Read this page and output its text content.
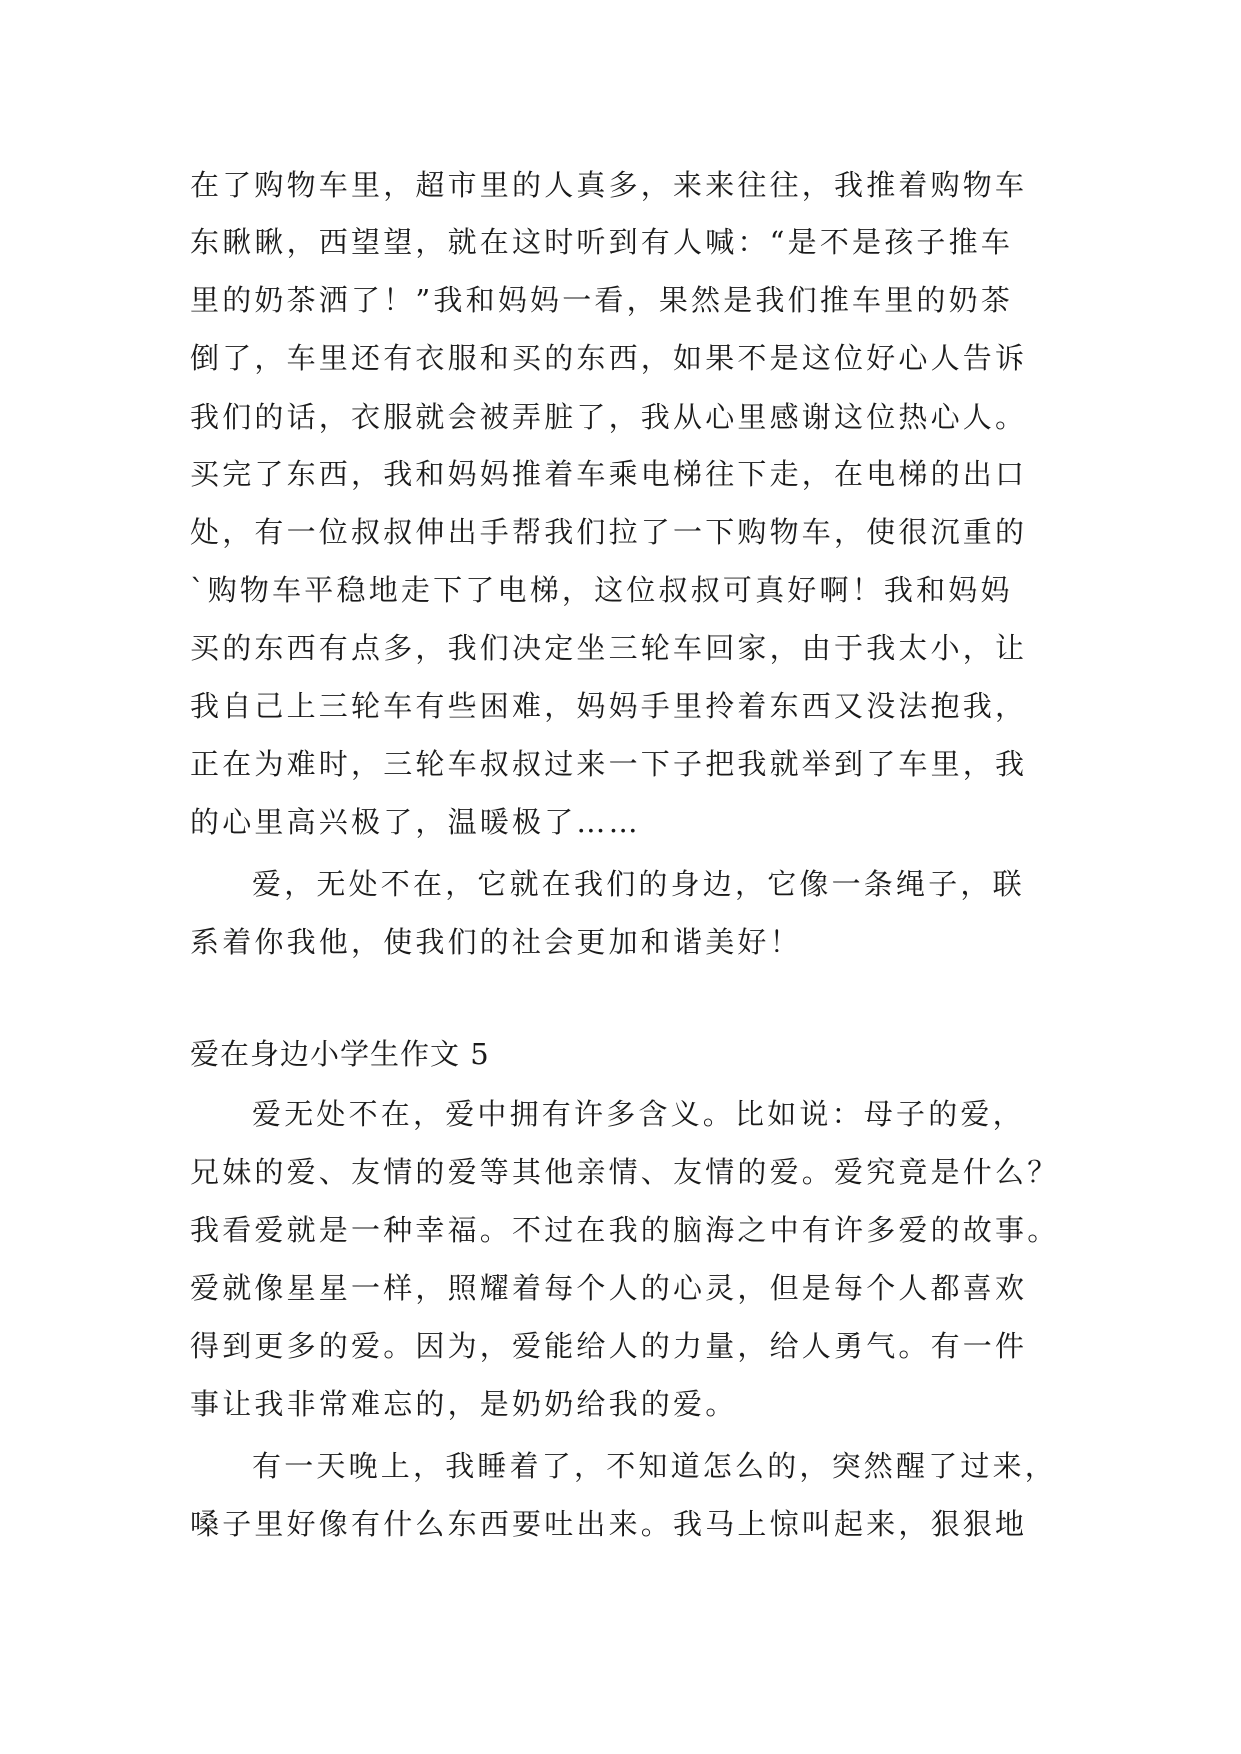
在了购物车里，超市里的人真多，来来往往，我推着购物车
东瞅瞅，西望望，就在这时听到有人喊：“是不是孩子推车
里的奶茶洒了！”我和妈妈一看，果然是我们推车里的奶茶
倒了，车里还有衣服和买的东西，如果不是这位好心人告诉
我们的话，衣服就会被弄脏了，我从心里感谢这位热心人。
买完了东西，我和妈妈推着车乘电梯往下走，在电梯的出口
处，有一位叔叔伸出手帮我们拉了一下购物车，使很沉重的
`购物车平稳地走下了电梯，这位叔叔可真好啊！我和妈妈
买的东西有点多，我们决定坐三轮车回家，由于我太小，让
我自己上三轮车有些困难，妈妈手里拎着东西又没法抱我，
正在为难时，三轮车叔叔过来一下子把我就举到了车里，我
的心里高兴极了，温暖极了……
爱，无处不在，它就在我们的身边，它像一条绳子，联
系着你我他，使我们的社会更加和谐美好！
爱在身边小学生作文 5
爱无处不在，爱中拥有许多含义。比如说：母子的爱，
兄妹的爱、友情的爱等其他亲情、友情的爱。爱究竟是什么？
我看爱就是一种幸福。不过在我的脑海之中有许多爱的故事。
爱就像星星一样，照耀着每个人的心灵，但是每个人都喜欢
得到更多的爱。因为，爱能给人的力量，给人勇气。有一件
事让我非常难忘的，是奶奶给我的爱。
有一天晚上，我睡着了，不知道怎么的，突然醒了过来，
嗓子里好像有什么东西要吐出来。我马上惊叫起来，狠狠地
